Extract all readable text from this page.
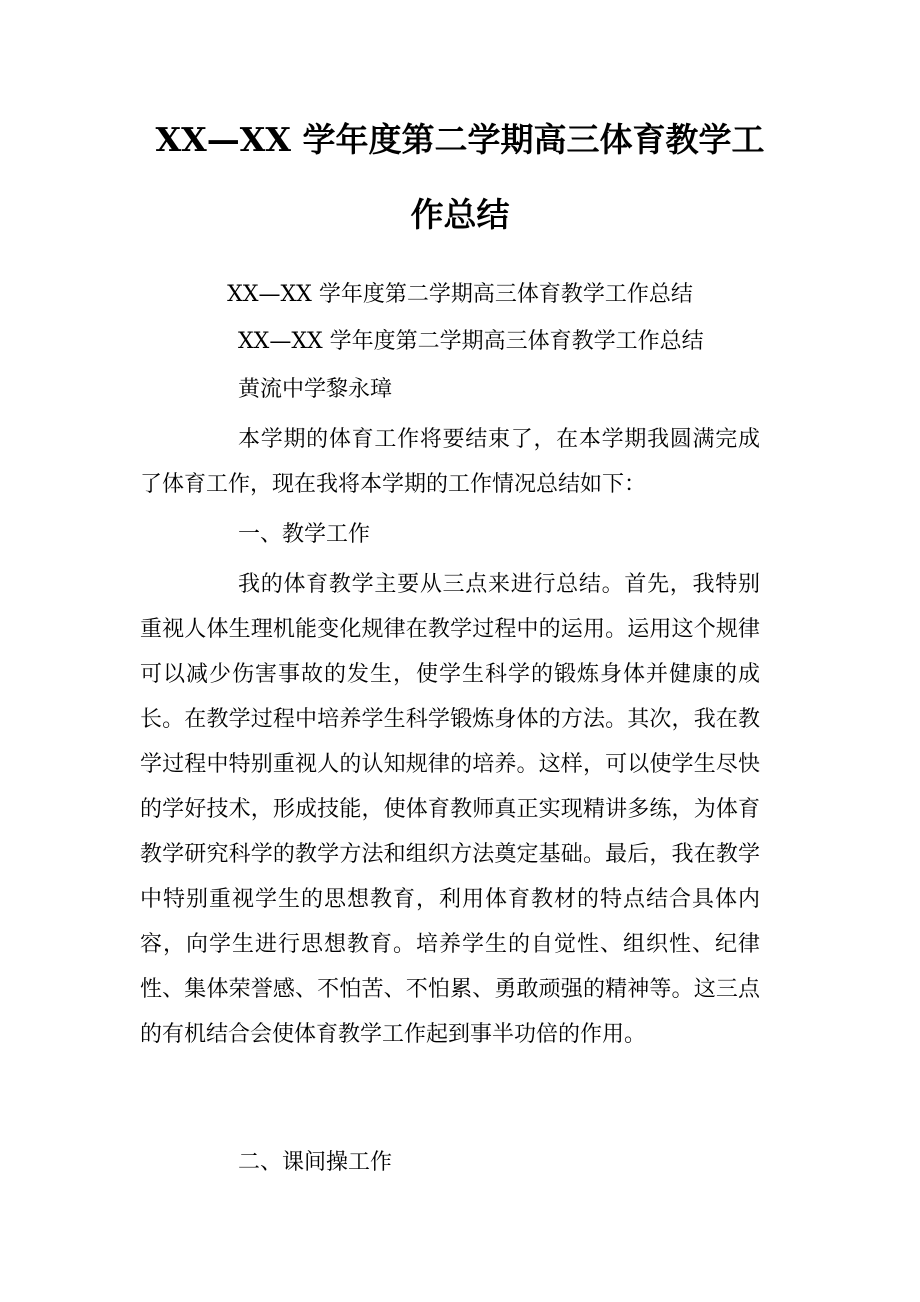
XX—XX 学年度第二学期高三体育教学工
作总结

XX—XX 学年度第二学期高三体育教学工作总结

XX—XX 学年度第二学期高三体育教学工作总结

黄流中学黎永璋

本学期的体育工作将要结束了，在本学期我圆满完成了体育工作，现在我将本学期的工作情况总结如下：

一、教学工作

我的体育教学主要从三点来进行总结。首先，我特别重视人体生理机能变化规律在教学过程中的运用。运用这个规律可以减少伤害事故的发生，使学生科学的锻炼身体并健康的成长。在教学过程中培养学生科学锻炼身体的方法。其次，我在教学过程中特别重视人的认知规律的培养。这样，可以使学生尽快的学好技术，形成技能，使体育教师真正实现精讲多练，为体育教学研究科学的教学方法和组织方法奠定基础。最后，我在教学中特别重视学生的思想教育，利用体育教材的特点结合具体内容，向学生进行思想教育。培养学生的自觉性、组织性、纪律性、集体荣誉感、不怕苦、不怕累、勇敢顽强的精神等。这三点的有机结合会使体育教学工作起到事半功倍的作用。

二、课间操工作
